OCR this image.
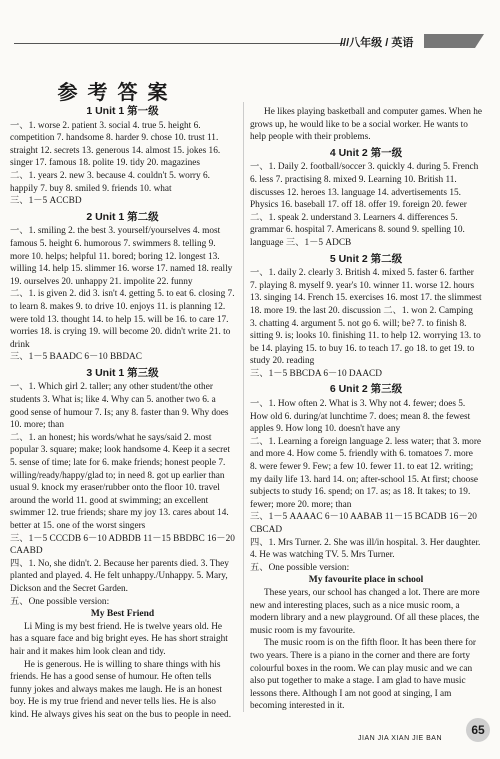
///八年级 / 英语
参考答案
1 Unit 1 第一级

一、1. worse 2. patient 3. social 4. true 5. height 6. competition 7. handsome 8. harder 9. chose 10. trust 11. straight 12. secrets 13. generous 14. almost 15. jokes 16. singer 17. famous 18. polite 19. tidy 20. magazines

二、1. years 2. new 3. because 4. couldn't 5. worry 6. happily 7. buy 8. smiled 9. friends 10. what

三、1－5 ACCBD

2 Unit 1 第二级

一、1. smiling 2. the best 3. yourself/yourselves 4. most famous 5. height 6. humorous 7. swimmers 8. telling 9. more 10. helps; helpful 11. bored; boring 12. longest 13. willing 14. help 15. slimmer 16. worse 17. named 18. really 19. ourselves 20. unhappy 21. impolite 22. funny

二、1. is given 2. did 3. isn't 4. getting 5. to eat 6. closing 7. to learn 8. makes 9. to drive 10. enjoys 11. is planning 12. were told 13. thought 14. to help 15. will be 16. to care 17. worries 18. is crying 19. will become 20. didn't write 21. to drink

三、1－5 BAADC 6－10 BBDAC

3 Unit 1 第三级

一、1. Which girl 2. taller; any other student/the other students 3. What is; like 4. Why can 5. another two 6. a good sense of humour 7. Is; any 8. faster than 9. Why does 10. more; than

二、1. an honest; his words/what he says/said 2. most popular 3. square; make; look handsome 4. Keep it a secret 5. sense of time; late for 6. make friends; honest people 7. willing/ready/happy/glad to; in need 8. got up earlier than usual 9. knock my eraser/rubber onto the floor 10. travel around the world 11. good at swimming; an excellent swimmer 12. true friends; share my joy 13. cares about 14. better at 15. one of the worst singers

三、1－5 CCCDB 6－10 ADBDB 11－15 BBDBC 16－20 CAABD

四、1. No, she didn't. 2. Because her parents died. 3. They planted and played. 4. He felt unhappy./Unhappy. 5. Mary, Dickson and the Secret Garden.

五、One possible version:

My Best Friend

Li Ming is my best friend. He is twelve years old. He has a square face and big bright eyes. He has short straight hair and it makes him look clean and tidy.

He is generous. He is willing to share things with his friends. He has a good sense of humour. He often tells funny jokes and always makes me laugh. He is an honest boy. He is my true friend and never tells lies. He is also kind. He always gives his seat on the bus to people in need.

He likes playing basketball and computer games. When he grows up, he would like to be a social worker. He wants to help people with their problems.

4 Unit 2 第一级

一、1. Daily 2. football/soccer 3. quickly 4. during 5. French 6. less 7. practising 8. mixed 9. Learning 10. British 11. discusses 12. heroes 13. language 14. advertisements 15. Physics 16. baseball 17. off 18. offer 19. foreign 20. fewer

二、1. speak 2. understand 3. Learners 4. differences 5. grammar 6. hospital 7. Americans 8. sound 9. spelling 10. language 三、1－5 ADCB

5 Unit 2 第二级

一、1. daily 2. clearly 3. British 4. mixed 5. faster 6. farther 7. playing 8. myself 9. year's 10. winner 11. worse 12. hours 13. singing 14. French 15. exercises 16. most 17. the slimmest 18. more 19. the last 20. discussion 二、1. won 2. Camping 3. chatting 4. argument 5. not go 6. will; be? 7. to finish 8. sitting 9. is; looks 10. finishing 11. to help 12. worrying 13. to be 14. playing 15. to buy 16. to teach 17. go 18. to get 19. to study 20. reading

三、1－5 BBCDA 6－10 DAACD

6 Unit 2 第三级

一、1. How often 2. What is 3. Why not 4. fewer; does 5. How old 6. during/at lunchtime 7. does; mean 8. the fewest apples 9. How long 10. doesn't have any

二、1. Learning a foreign language 2. less water; that 3. more and more 4. How come 5. friendly with 6. tomatoes 7. more 8. were fewer 9. Few; a few 10. fewer 11. to eat 12. writing; my daily life 13. hard 14. on; after-school 15. At first; choose subjects to study 16. spend; on 17. as; as 18. It takes; to 19. fewer; more 20. more; than

三、1－5 AAAAC 6－10 AABAB 11－15 BCADB 16－20 CBCAD

四、1. Mrs Turner. 2. She was ill/in hospital. 3. Her daughter. 4. He was watching TV. 5. Mrs Turner.

五、One possible version:

My favourite place in school

These years, our school has changed a lot. There are more new and interesting places, such as a nice music room, a modern library and a new playground. Of all these places, the music room is my favourite.

The music room is on the fifth floor. It has been there for two years. There is a piano in the corner and there are forty colourful boxes in the room. We can play music and we can also put together to make a stage. I am glad to have music lessons there. Although I am not good at singing, I am becoming interested in it.

JIAN JIA XIAN JIE BAN
65
